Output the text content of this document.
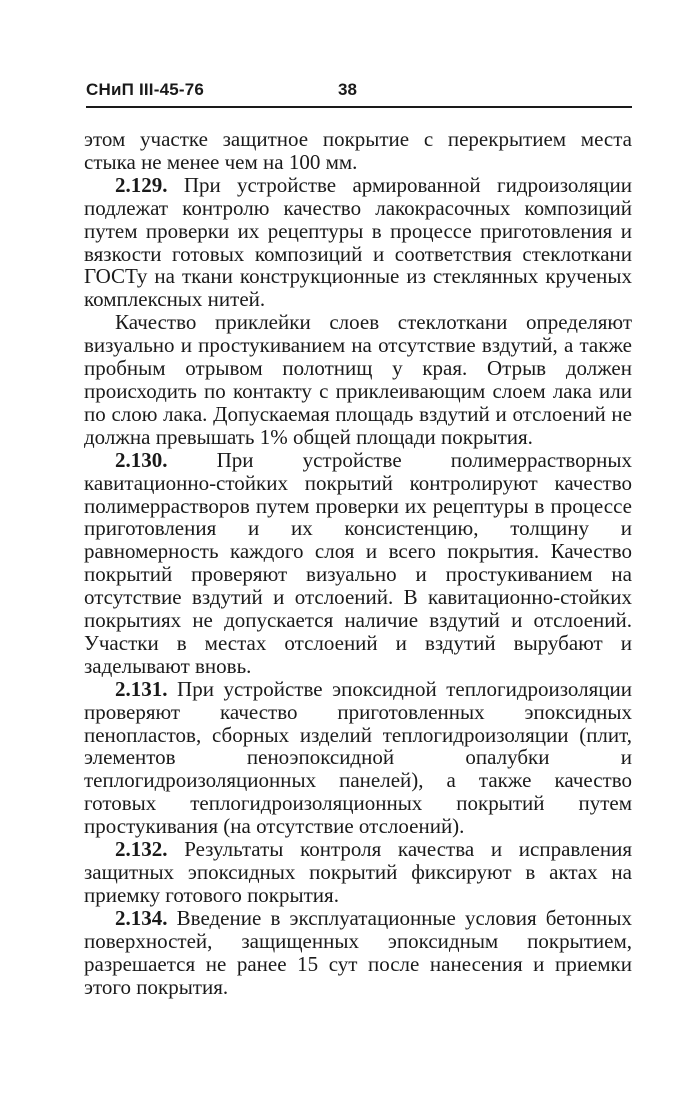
СНиП III-45-76	38

этом участке защитное покрытие с перекрытием места стыка не менее чем на 100 мм.

2.129. При устройстве армированной гидроизоляции подлежат контролю качество лакокрасочных композиций путем проверки их рецептуры в процессе приготовления и вязкости готовых композиций и соответствия стеклоткани ГОСТу на ткани конструкционные из стеклянных крученых комплексных нитей.

Качество приклейки слоев стеклоткани определяют визуально и простукиванием на отсутствие вздутий, а также пробным отрывом полотнищ у края. Отрыв должен происходить по контакту с приклеивающим слоем лака или по слою лака. Допускаемая площадь вздутий и отслоений не должна превышать 1% общей площади покрытия.

2.130. При устройстве полимеррастворных кавитационно-стойких покрытий контролируют качество полимеррастворов путем проверки их рецептуры в процессе приготовления и их консистенцию, толщину и равномерность каждого слоя и всего покрытия. Качество покрытий проверяют визуально и простукиванием на отсутствие вздутий и отслоений. В кавитационно-стойких покрытиях не допускается наличие вздутий и отслоений. Участки в местах отслоений и вздутий вырубают и заделывают вновь.

2.131. При устройстве эпоксидной теплогидроизоляции проверяют качество приготовленных эпоксидных пенопластов, сборных изделий теплогидроизоляции (плит, элементов пеноэпоксидной опалубки и теплогидроизоляционных панелей), а также качество готовых теплогидроизоляционных покрытий путем простукивания (на отсутствие отслоений).

2.132. Результаты контроля качества и исправления защитных эпоксидных покрытий фиксируют в актах на приемку готового покрытия.

2.134. Введение в эксплуатационные условия бетонных поверхностей, защищенных эпоксидным покрытием, разрешается не ранее 15 сут после нанесения и приемки этого покрытия.
